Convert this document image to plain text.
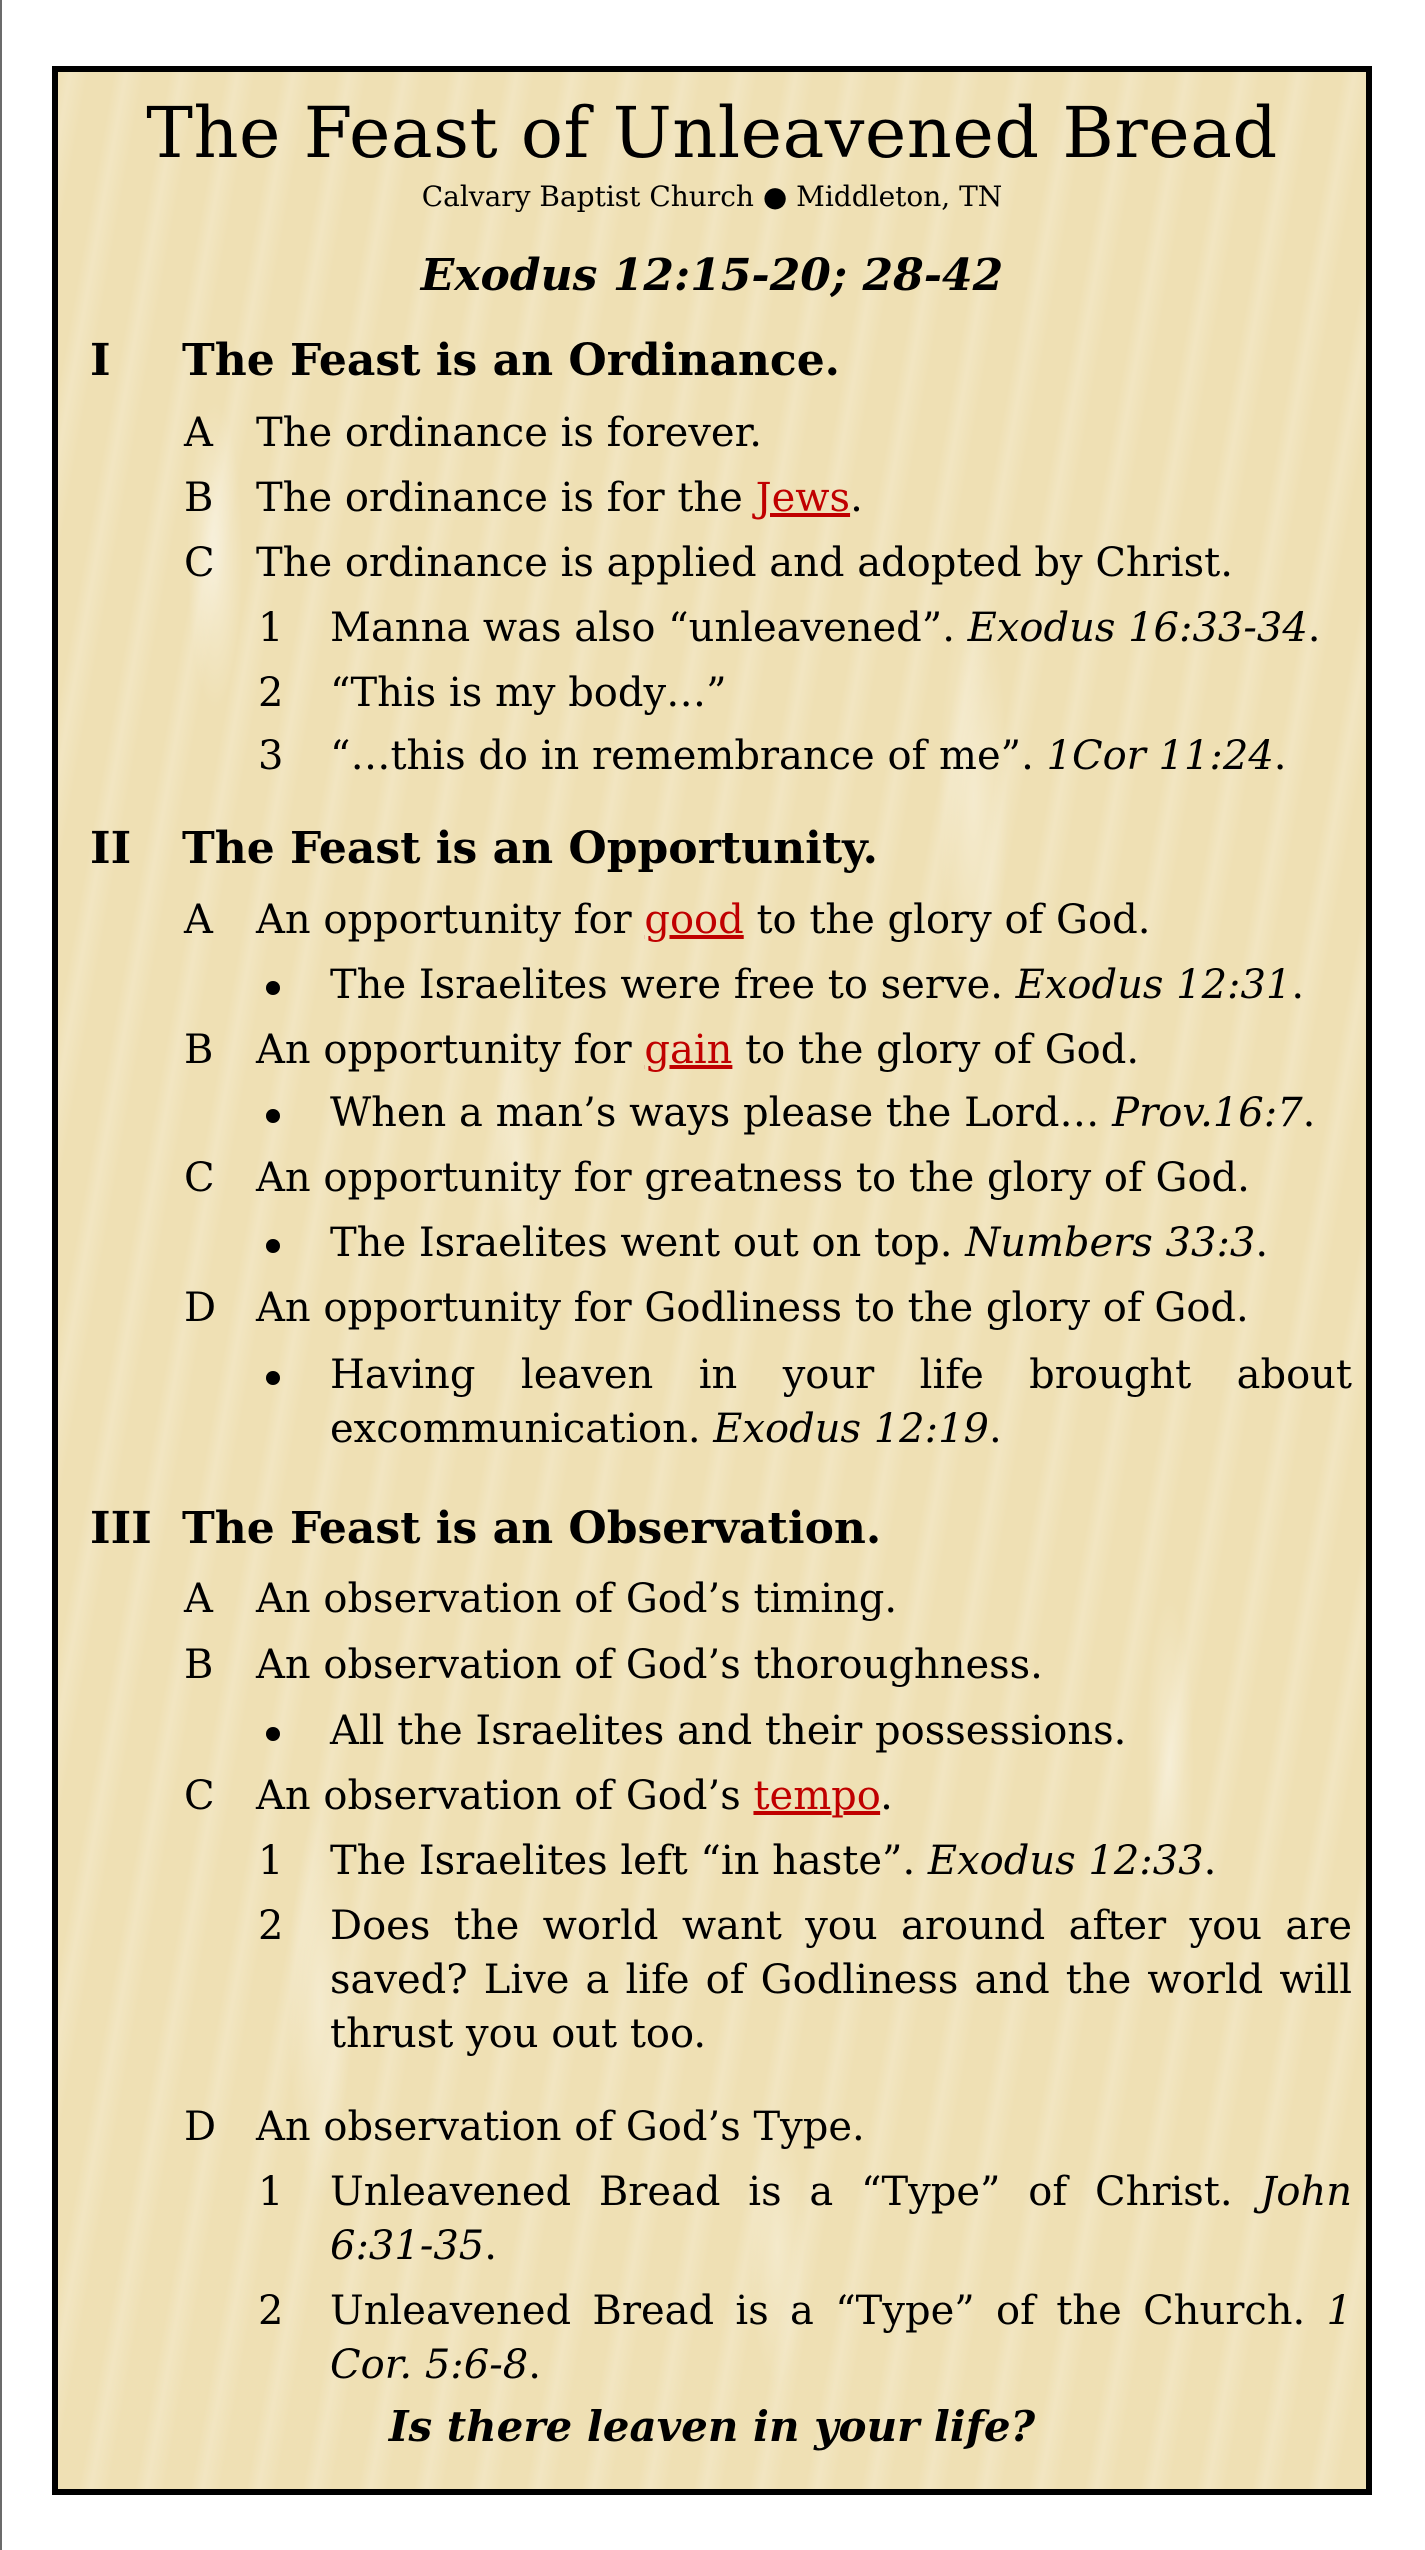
The Feast of Unleavened Bread
Calvary Baptist Church ● Middleton, TN
Exodus 12:15-20; 28-42
I The Feast is an Ordinance.
A The ordinance is forever.
B The ordinance is for the Jews.
C The ordinance is applied and adopted by Christ.
1 Manna was also “unleavened”. Exodus 16:33-34.
2 “This is my body…”
3 “…this do in remembrance of me”. 1Cor 11:24.
II The Feast is an Opportunity.
A An opportunity for good to the glory of God.
The Israelites were free to serve. Exodus 12:31.
B An opportunity for gain to the glory of God.
When a man’s ways please the Lord… Prov.16:7.
C An opportunity for greatness to the glory of God.
The Israelites went out on top. Numbers 33:3.
D An opportunity for Godliness to the glory of God.
Having leaven in your life brought about excommunication. Exodus 12:19.
III The Feast is an Observation.
A An observation of God’s timing.
B An observation of God’s thoroughness.
All the Israelites and their possessions.
C An observation of God’s tempo.
1 The Israelites left “in haste”. Exodus 12:33.
2 Does the world want you around after you are saved? Live a life of Godliness and the world will thrust you out too.
D An observation of God’s Type.
1 Unleavened Bread is a “Type” of Christ. John 6:31-35.
2 Unleavened Bread is a “Type” of the Church. 1 Cor. 5:6-8.
Is there leaven in your life?
